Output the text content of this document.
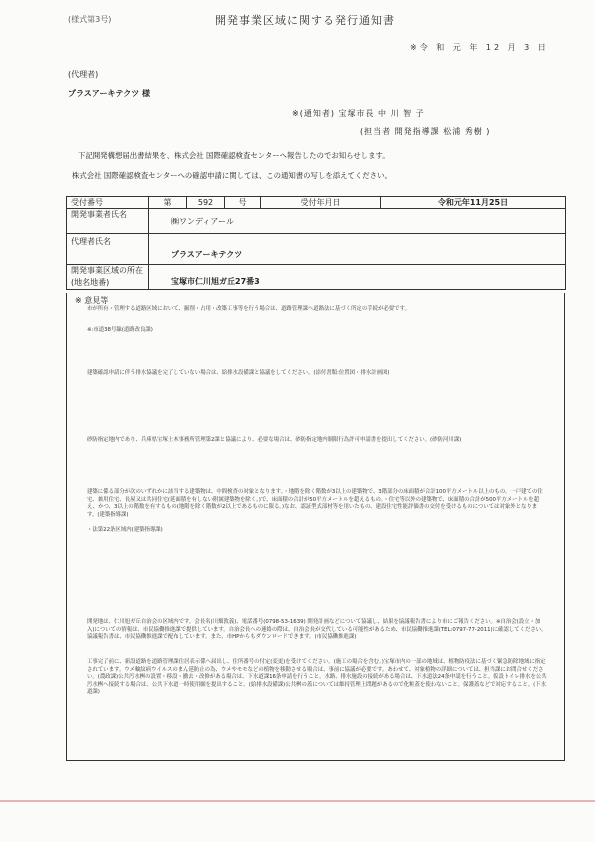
(様式第3号)	開発事業区域に関する発行通知書
※令 和 元 年 12 月 3 日
(代理者)
プラスアーキテクツ 様
※(通知者) 宝塚市長 中 川 智 子
(担当者 開発指導課 松浦 秀樹 )
下記開発構想届出書結果を、株式会社 国際確認検査センターへ報告したのでお知らせします。
株式会社 国際確認検査センターへの確認申請に関しては、この通知書の写しを添えてください。
受付番号	第	592	号	受付年月日	令和元年11月25日
開発事業者氏名	㈱ワンディアール				
代理者氏名	プラスアーキテクツ				
開発事業区域の所在
(地名地番)	宝塚市仁川旭ガ丘27番3				
※ 意見等
市が所有・管理する道路区域において、掘削・占用・改築工事等を行う場合は、道路管理課へ道路法に基づく所定の手続が必要です。
※:市道38号線(道路改良課)
建築確認申請に伴う排水協議を完了していない場合は、給排水設備課と協議をしてください。(添付書類:位置図・排水計画図)
砂防指定地内であり、兵庫県宝塚土木事務所管理第2課と協議により、必要な場合は、砂防指定地内制限行為許可申請書を提出してください。(砂防河川課)
建築に係る部分が次のいずれかに該当する建築物は、中間検査の対象となります。・地階を除く階数が3以上の建築物で、3階部分の床面積が合計100平方メートル以上のもの。一戸建ての住宅、兼用住宅、長屋又は共同住宅(延面積を有しない附属建築物を除く。)で、床面積の合計が50平方メートルを超えるもの。・住宅等以外の建築物で、床面積の合計が500平方メートルを超え、かつ、3以上の階数を有するもの(地階を除く階数が2以上であるものに限る。)なお、認証型式部材等を用いたもの、建設住宅性能評価書の交付を受けるものについては対象外となります。(建築指導課)
・法第22条区域内(建築指導課)
開発地は、仁川旭ガ丘自治会の区域内です。会長名(川畑敦義)、電話番号(0798-53-1639) 開発計画などについて協議し、結果を協議報告書により市にご報告ください。※自治会(設立・加入)についての情報は、市民協働推進課で提供しています。自治会長への連絡の際は、自治会長が交代している可能性があるため、市民協働推進課(TEL:0797-77-2011)に確認してください。協議報告書は、市民協働推進課で配布しています。また、市HPからもダウンロードできます。(市民協働推進課)
工事完了前に、新設道路を道路管理課住居表示係へ届出し、住所番号の付定(変更)を受けてください。(施工の場合を含む。)宝塚市内の一部の地域は、植物防疫法に基づく緊急防除地域に指定されています。ウメ輪紋病ウイルスのまん延防止の為、ウメやモモなどの植物を移動させる場合は、事前に協議が必要です。あわせて、対象植物の詳細については、担当課にお問合せください。(農政課)公共汚水桝の設置・移設・撤去・改修がある場合は、下水道課16条申請を行うこと。水路、排水施設の接続がある場合は、下水道法24条申請を行うこと。仮設トイレ排水を公共汚水桝へ接続する場合は、公共下水道一時使用願を提出すること。(給排水設備課)公共桝の蓋については維持管理上問題があるので化粧蓋を使わないこと。保護蓋などで対応すること。(下水道課)
